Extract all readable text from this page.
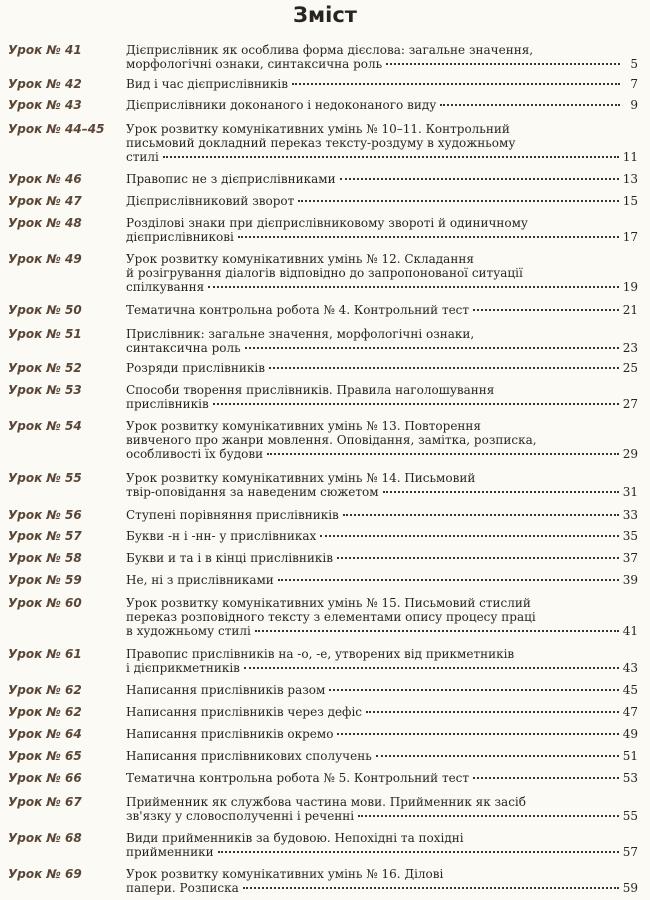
Зміст
Урок № 41	Дієприслівник як особлива форма дієслова: загальне значення,
морфологічні ознаки, синтаксична роль	5
Урок № 42	Вид і час дієприслівників	7
Урок № 43	Дієприслівники доконаного і недоконаного виду	9
Урок № 44–45	Урок розвитку комунікативних умінь № 10–11. Контрольний
письмовий докладний переказ тексту-роздуму в художньому
стилі	11
Урок № 46	Правопис не з дієприслівниками	13
Урок № 47	Дієприслівниковий зворот	15
Урок № 48	Розділові знаки при дієприслівниковому звороті й одиничному
дієприслівникові	17
Урок № 49	Урок розвитку комунікативних умінь № 12. Складання
й розігрування діалогів відповідно до запропонованої ситуації
спілкування	19
Урок № 50	Тематична контрольна робота № 4. Контрольний тест	21
Урок № 51	Прислівник: загальне значення, морфологічні ознаки,
синтаксична роль	23
Урок № 52	Розряди прислівників	25
Урок № 53	Способи творення прислівників. Правила наголошування
прислівників	27
Урок № 54	Урок розвитку комунікативних умінь № 13. Повторення
вивченого про жанри мовлення. Оповідання, замітка, розписка,
особливості їх будови	29
Урок № 55	Урок розвитку комунікативних умінь № 14. Письмовий
твір-оповідання за наведеним сюжетом	31
Урок № 56	Ступені порівняння прислівників	33
Урок № 57	Букви -н і -нн- у прислівниках	35
Урок № 58	Букви и та і в кінці прислівників	37
Урок № 59	Не, ні з прислівниками	39
Урок № 60	Урок розвитку комунікативних умінь № 15. Письмовий стислий
переказ розповідного тексту з елементами опису процесу праці
в художньому стилі	41
Урок № 61	Правопис прислівників на -о, -е, утворених від прикметників
і дієприкметників	43
Урок № 62	Написання прислівників разом	45
Урок № 62	Написання прислівників через дефіс	47
Урок № 64	Написання прислівників окремо	49
Урок № 65	Написання прислівникових сполучень	51
Урок № 66	Тематична контрольна робота № 5. Контрольний тест	53
Урок № 67	Прийменник як службова частина мови. Прийменник як засіб
зв'язку у словосполученні і реченні	55
Урок № 68	Види прийменників за будовою. Непохідні та похідні
прийменники	57
Урок № 69	Урок розвитку комунікативних умінь № 16. Ділові
папери. Розписка	59
